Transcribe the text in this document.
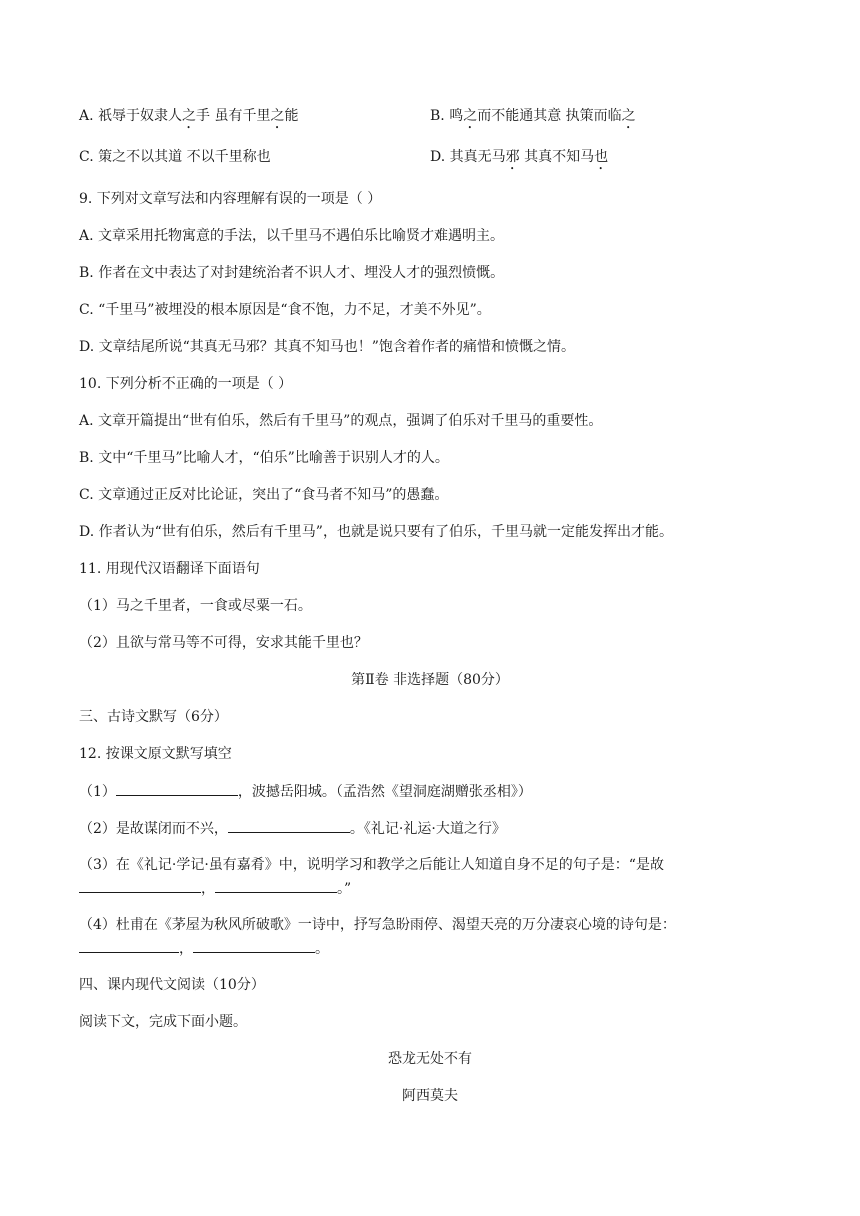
A. 祇辱于奴隶人之手 虽有千里之能	B. 鸣之而不能通其意 执策而临之
C. 策之不以其道 不以千里称也	D. 其真无马邪 其真不知马也
9. 下列对文章写法和内容理解有误的一项是（ ）
A. 文章采用托物寓意的手法，以千里马不遇伯乐比喻贤才难遇明主。
B. 作者在文中表达了对封建统治者不识人才、埋没人才的强烈愤慨。
C. “千里马”被埋没的根本原因是“食不饱，力不足，才美不外见”。
D. 文章结尾所说“其真无马邪？其真不知马也！”饱含着作者的痛惜和愤慨之情。
10. 下列分析不正确的一项是（ ）
A. 文章开篇提出“世有伯乐，然后有千里马”的观点，强调了伯乐对千里马的重要性。
B. 文中“千里马”比喻人才，“伯乐”比喻善于识别人才的人。
C. 文章通过正反对比论证，突出了“食马者不知马”的愚蠢。
D. 作者认为“世有伯乐，然后有千里马”，也就是说只要有了伯乐，千里马就一定能发挥出才能。
11. 用现代汉语翻译下面语句
（1）马之千里者，一食或尽粟一石。
（2）且欲与常马等不可得，安求其能千里也？
第Ⅱ卷 非选择题（80分）
三、古诗文默写（6分）
12. 按课文原文默写填空
（1）	，波撼岳阳城。（孟浩然《望洞庭湖赠张丞相》）
（2）是故谋闭而不兴，	。《礼记·礼运·大道之行》
（3）在《礼记·学记·虽有嘉肴》中，说明学习和教学之后能让人知道自身不足的句子是：“是故
，	。”
（4）杜甫在《茅屋为秋风所破歌》一诗中，抒写急盼雨停、渴望天亮的万分凄哀心境的诗句是：
，	。
四、课内现代文阅读（10分）
阅读下文，完成下面小题。
恐龙无处不有
阿西莫夫
